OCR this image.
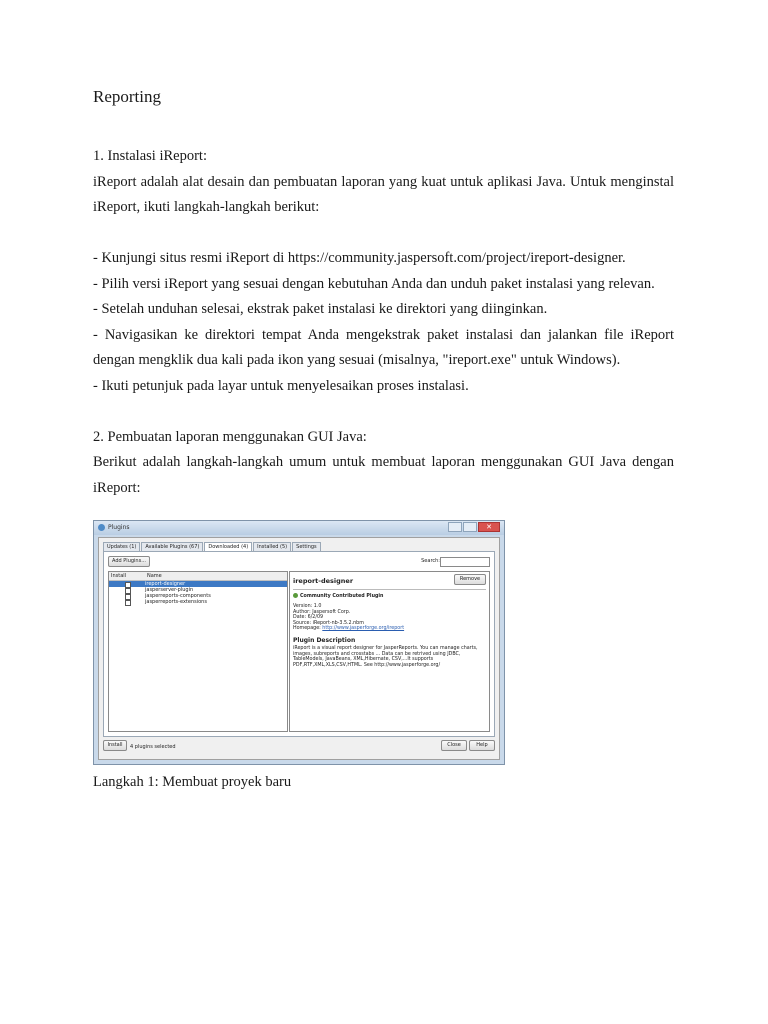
Reporting

1. Instalasi iReport:

iReport adalah alat desain dan pembuatan laporan yang kuat untuk aplikasi Java. Untuk menginstal iReport, ikuti langkah-langkah berikut:

- Kunjungi situs resmi iReport di https://community.jaspersoft.com/project/ireport-designer.

- Pilih versi iReport yang sesuai dengan kebutuhan Anda dan unduh paket instalasi yang relevan.

- Setelah unduhan selesai, ekstrak paket instalasi ke direktori yang diinginkan.

- Navigasikan ke direktori tempat Anda mengekstrak paket instalasi dan jalankan file iReport dengan mengklik dua kali pada ikon yang sesuai (misalnya, "ireport.exe" untuk Windows).

- Ikuti petunjuk pada layar untuk menyelesaikan proses instalasi.

2. Pembuatan laporan menggunakan GUI Java:

Berikut adalah langkah-langkah umum untuk membuat laporan menggunakan GUI Java dengan iReport:

Plugins	✕
Updates (1)	Available Plugins (67)	Downloaded (4)	Installed (5)	Settings
Add Plugins...	Search:
Install	Name
ireport-designer
jasperserver-plugin
jasperreports-components
jasperreports-extensions
Remove
ireport-designer
Community Contributed Plugin
Version: 1.0
Author: Jaspersoft Corp.
Date: 6/2/09
Source: iReport-nb-3.5.2.nbm
Homepage: http://www.jasperforge.org/ireport
Plugin Description
iReport is a visual report designer for JasperReports. You can manage charts, images, subreports and crosstabs ... Data can be retrived using JDBC, TableModels, JavaBeans, XML,Hibernate, CSV,...It supports PDF,RTF,XML,XLS,CSV,HTML. See http://www.jasperforge.org/
Install	4 plugins selected	Close	Help

Langkah 1: Membuat proyek baru
